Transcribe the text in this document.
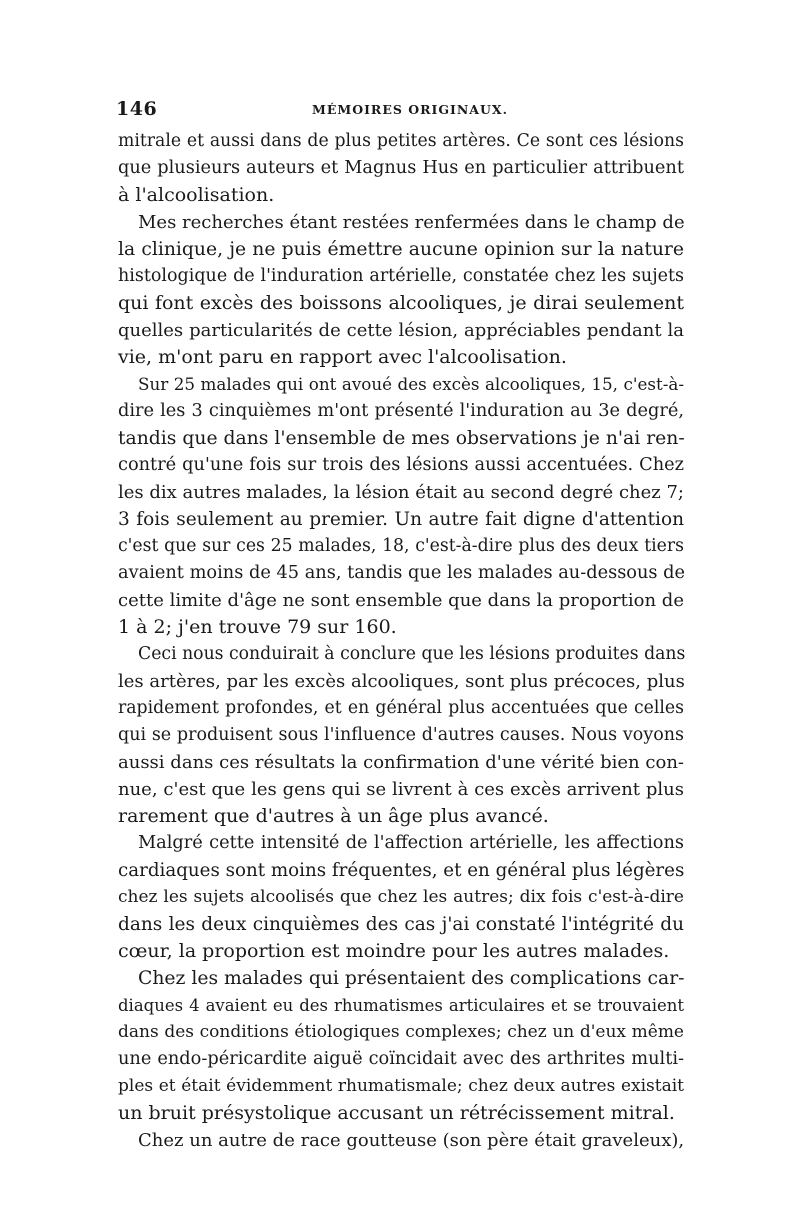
146	MÉMOIRES ORIGINAUX.
mitrale et aussi dans de plus petites artères. Ce sont ces lésions
que plusieurs auteurs et Magnus Hus en particulier attribuent
à l'alcoolisation.
Mes recherches étant restées renfermées dans le champ de
la clinique, je ne puis émettre aucune opinion sur la nature
histologique de l'induration artérielle, constatée chez les sujets
qui font excès des boissons alcooliques, je dirai seulement
quelles particularités de cette lésion, appréciables pendant la
vie, m'ont paru en rapport avec l'alcoolisation.
Sur 25 malades qui ont avoué des excès alcooliques, 15, c'est-à-
dire les 3 cinquièmes m'ont présenté l'induration au 3e degré,
tandis que dans l'ensemble de mes observations je n'ai ren-
contré qu'une fois sur trois des lésions aussi accentuées. Chez
les dix autres malades, la lésion était au second degré chez 7;
3 fois seulement au premier. Un autre fait digne d'attention
c'est que sur ces 25 malades, 18, c'est-à-dire plus des deux tiers
avaient moins de 45 ans, tandis que les malades au-dessous de
cette limite d'âge ne sont ensemble que dans la proportion de
1 à 2; j'en trouve 79 sur 160.
Ceci nous conduirait à conclure que les lésions produites dans
les artères, par les excès alcooliques, sont plus précoces, plus
rapidement profondes, et en général plus accentuées que celles
qui se produisent sous l'influence d'autres causes. Nous voyons
aussi dans ces résultats la confirmation d'une vérité bien con-
nue, c'est que les gens qui se livrent à ces excès arrivent plus
rarement que d'autres à un âge plus avancé.
Malgré cette intensité de l'affection artérielle, les affections
cardiaques sont moins fréquentes, et en général plus légères
chez les sujets alcoolisés que chez les autres; dix fois c'est-à-dire
dans les deux cinquièmes des cas j'ai constaté l'intégrité du
cœur, la proportion est moindre pour les autres malades.
Chez les malades qui présentaient des complications car-
diaques 4 avaient eu des rhumatismes articulaires et se trouvaient
dans des conditions étiologiques complexes; chez un d'eux même
une endo-péricardite aiguë coïncidait avec des arthrites multi-
ples et était évidemment rhumatismale; chez deux autres existait
un bruit présystolique accusant un rétrécissement mitral.
Chez un autre de race goutteuse (son père était graveleux),
